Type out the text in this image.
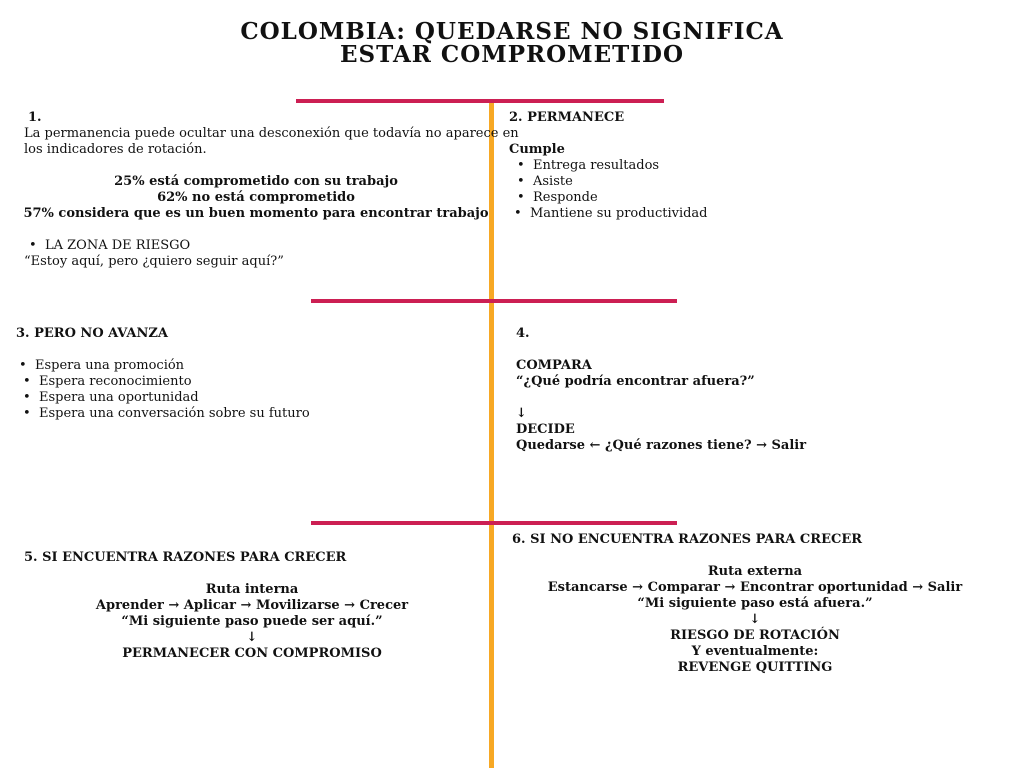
COLOMBIA: QUEDARSE NO SIGNIFICA
ESTAR COMPROMETIDO
1.
La permanencia puede ocultar una desconexión que todavía no aparece en
los indicadores de rotación.
25% está comprometido con su trabajo
62% no está comprometido
57% considera que es un buen momento para encontrar trabajo
• LA ZONA DE RIESGO
“Estoy aquí, pero ¿quiero seguir aquí?”
2. PERMANECE
Cumple
• Entrega resultados
• Asiste
• Responde
• Mantiene su productividad
3. PERO NO AVANZA
• Espera una promoción
• Espera reconocimiento
• Espera una oportunidad
• Espera una conversación sobre su futuro
4.
COMPARA
“¿Qué podría encontrar afuera?”
↓
DECIDE
Quedarse ← ¿Qué razones tiene? → Salir
5. SI ENCUENTRA RAZONES PARA CRECER
Ruta interna
Aprender → Aplicar → Movilizarse → Crecer
“Mi siguiente paso puede ser aquí.”
↓
PERMANECER CON COMPROMISO
6. SI NO ENCUENTRA RAZONES PARA CRECER
Ruta externa
Estancarse → Comparar → Encontrar oportunidad → Salir
“Mi siguiente paso está afuera.”
↓
RIESGO DE ROTACIÓN
Y eventualmente:
REVENGE QUITTING
